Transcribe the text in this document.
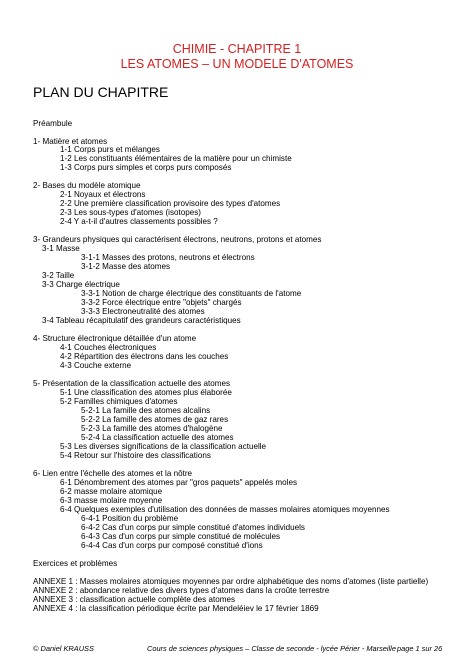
CHIMIE - CHAPITRE 1
LES ATOMES – UN MODELE D'ATOMES
PLAN DU CHAPITRE
Préambule
1- Matière et atomes
1-1 Corps purs et mélanges
1-2 Les constituants élémentaires de la matière pour un chimiste
1-3 Corps purs simples et corps purs composés
2- Bases du modèle atomique
2-1 Noyaux et électrons
2-2 Une première classification provisoire des types d'atomes
2-3 Les sous-types d'atomes (isotopes)
2-4 Y a-t-il d'autres classements possibles ?
3- Grandeurs physiques qui caractérisent électrons, neutrons, protons et atomes
3-1 Masse
3-1-1 Masses des protons, neutrons et électrons
3-1-2 Masse des atomes
3-2 Taille
3-3 Charge électrique
3-3-1 Notion de charge électrique des constituants de l'atome
3-3-2 Force électrique entre "objets" chargés
3-3-3 Electroneutralité des atomes
3-4 Tableau récapitulatif des grandeurs caractéristiques
4- Structure électronique détaillée d'un atome
4-1 Couches électroniques
4-2 Répartition des électrons dans les couches
4-3 Couche externe
5- Présentation de la classification actuelle des atomes
5-1 Une classification des atomes plus élaborée
5-2 Familles chimiques d'atomes
5-2-1 La famille des atomes alcalins
5-2-2 La famille des atomes de gaz rares
5-2-3 La famille des atomes d'halogène
5-2-4 La classification actuelle des atomes
5-3 Les diverses significations de la classification actuelle
5-4 Retour sur l'histoire des classifications
6- Lien entre l'échelle des atomes et la nôtre
6-1 Dénombrement des atomes par "gros paquets" appelés moles
6-2 masse molaire atomique
6-3 masse molaire moyenne
6-4 Quelques exemples d'utilisation des données de masses molaires atomiques moyennes
6-4-1 Position du problème
6-4-2 Cas d'un corps pur simple constitué d'atomes individuels
6-4-3 Cas d'un corps pur simple constitué de molécules
6-4-4 Cas d'un corps pur composé constitué d'ions
Exercices et problèmes
ANNEXE 1 : Masses molaires atomiques moyennes par ordre alphabétique des noms d'atomes (liste partielle)
ANNEXE 2 : abondance relative des divers types d'atomes dans la croûte terrestre
ANNEXE 3 : classification actuelle complète des atomes
ANNEXE 4 : la classification périodique écrite par Mendeléiev le 17 février 1869
© Daniel KRAUSS	Cours de sciences physiques – Classe de seconde - lycée Périer - Marseille page 1 sur 26
